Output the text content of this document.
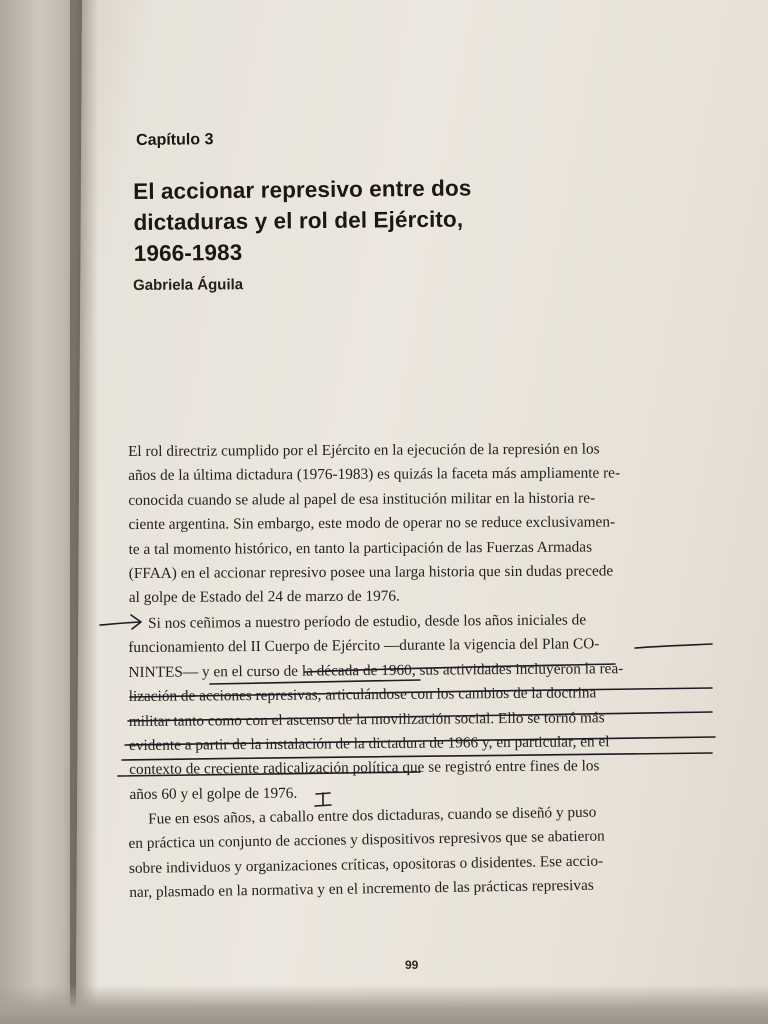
Capítulo 3
El accionar represivo entre dos
dictaduras y el rol del Ejército,
1966-1983
Gabriela Águila
El rol directriz cumplido por el Ejército en la ejecución de la represión en los
años de la última dictadura (1976-1983) es quizás la faceta más ampliamente re-
conocida cuando se alude al papel de esa institución militar en la historia re-
ciente argentina. Sin embargo, este modo de operar no se reduce exclusivamen-
te a tal momento histórico, en tanto la participación de las Fuerzas Armadas
(FFAA) en el accionar represivo posee una larga historia que sin dudas precede
al golpe de Estado del 24 de marzo de 1976.
Si nos ceñimos a nuestro período de estudio, desde los años iniciales de
funcionamiento del II Cuerpo de Ejército —durante la vigencia del Plan CO-
NINTES— y en el curso de la década de 1960, sus actividades incluyeron la rea-
lización de acciones represivas, articulándose con los cambios de la doctrina
militar tanto como con el ascenso de la movilización social. Ello se tornó más
evidente a partir de la instalación de la dictadura de 1966 y, en particular, en el
contexto de creciente radicalización política que se registró entre fines de los
años 60 y el golpe de 1976.
Fue en esos años, a caballo entre dos dictaduras, cuando se diseñó y puso
en práctica un conjunto de acciones y dispositivos represivos que se abatieron
sobre individuos y organizaciones críticas, opositoras o disidentes. Ese accio-
nar, plasmado en la normativa y en el incremento de las prácticas represivas
99
